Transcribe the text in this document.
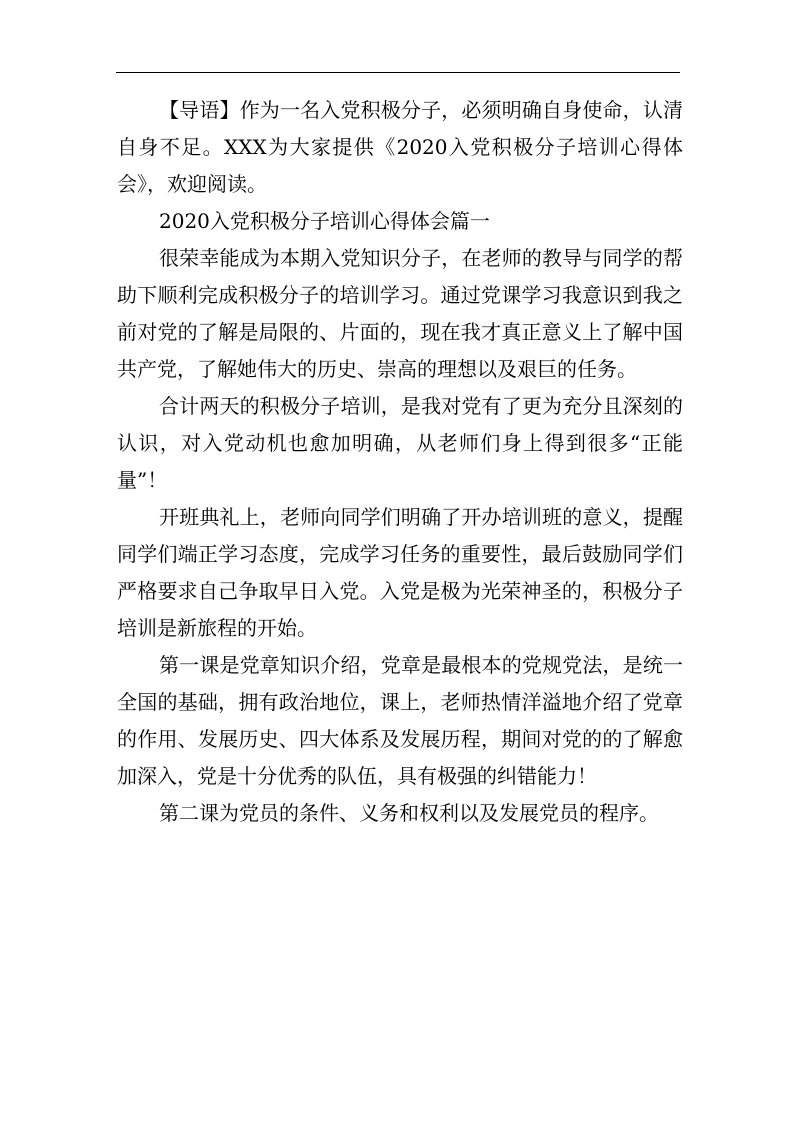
【导语】作为一名入党积极分子，必须明确自身使命，认清自身不足。XXX为大家提供《2020入党积极分子培训心得体会》，欢迎阅读。

2020入党积极分子培训心得体会篇一

很荣幸能成为本期入党知识分子，在老师的教导与同学的帮助下顺利完成积极分子的培训学习。通过党课学习我意识到我之前对党的了解是局限的、片面的，现在我才真正意义上了解中国共产党，了解她伟大的历史、崇高的理想以及艰巨的任务。

合计两天的积极分子培训，是我对党有了更为充分且深刻的认识，对入党动机也愈加明确，从老师们身上得到很多“正能量”！

开班典礼上，老师向同学们明确了开办培训班的意义，提醒同学们端正学习态度，完成学习任务的重要性，最后鼓励同学们严格要求自己争取早日入党。入党是极为光荣神圣的，积极分子培训是新旅程的开始。

第一课是党章知识介绍，党章是最根本的党规党法，是统一全国的基础，拥有政治地位，课上，老师热情洋溢地介绍了党章的作用、发展历史、四大体系及发展历程，期间对党的的了解愈加深入，党是十分优秀的队伍，具有极强的纠错能力！

第二课为党员的条件、义务和权利以及发展党员的程序。
